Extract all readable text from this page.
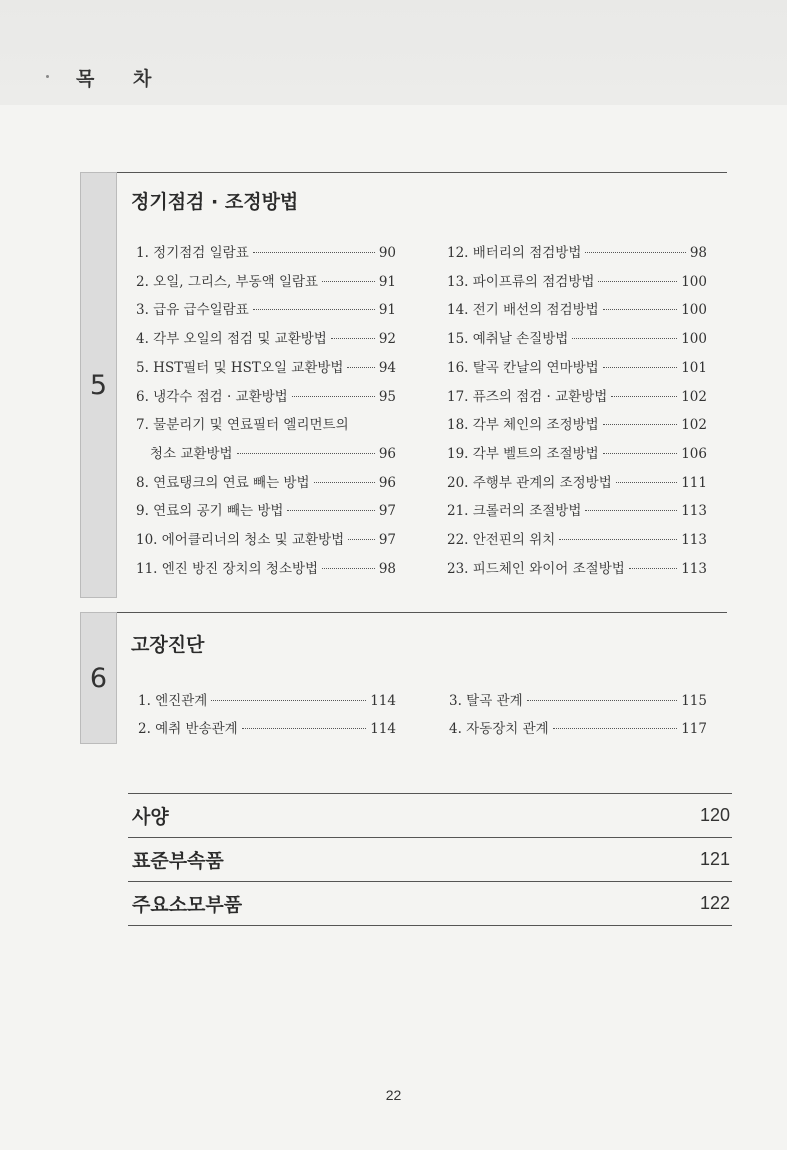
목 차
5
정기점검 · 조정방법
1. 정기점검 일람표	90
2. 오일, 그리스, 부동액 일람표	91
3. 급유 급수일람표	91
4. 각부 오일의 점검 및 교환방법	92
5. HST필터 및 HST오일 교환방법	94
6. 냉각수 점검 · 교환방법	95
7. 물분리기 및 연료필터 엘리먼트의
청소 교환방법	96
8. 연료탱크의 연료 빼는 방법	96
9. 연료의 공기 빼는 방법	97
10. 에어클리너의 청소 및 교환방법	97
11. 엔진 방진 장치의 청소방법	98
12. 배터리의 점검방법	98
13. 파이프류의 점검방법	100
14. 전기 배선의 점검방법	100
15. 예취날 손질방법	100
16. 탈곡 칸날의 연마방법	101
17. 퓨즈의 점검 · 교환방법	102
18. 각부 체인의 조정방법	102
19. 각부 벨트의 조절방법	106
20. 주행부 관계의 조정방법	111
21. 크롤러의 조절방법	113
22. 안전핀의 위치	113
23. 피드체인 와이어 조절방법	113
6
고장진단
1. 엔진관계	114
2. 예취 반송관계	114
3. 탈곡 관계	115
4. 자동장치 관계	117
사양	120
표준부속품	121
주요소모부품	122
22
